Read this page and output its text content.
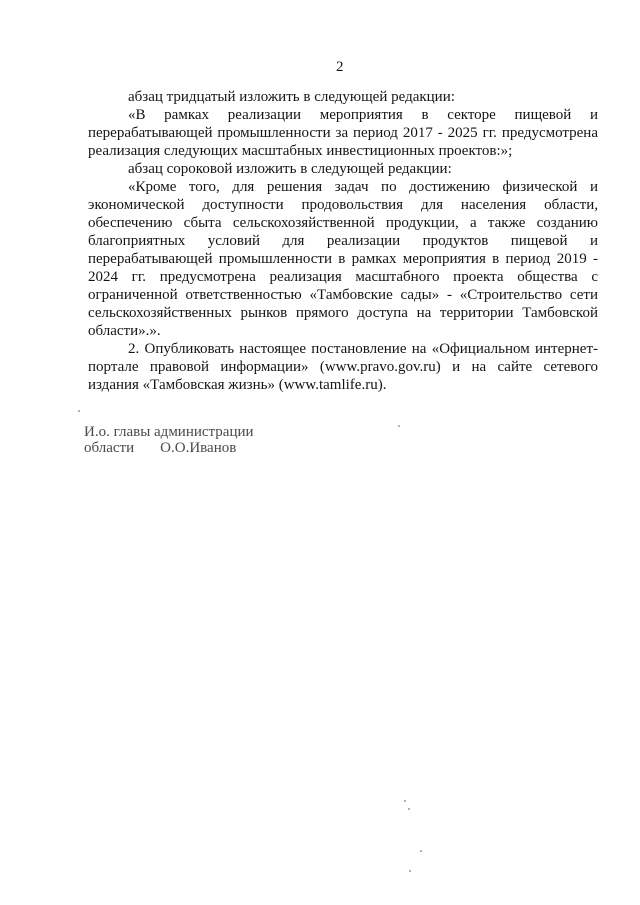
2

абзац тридцатый изложить в следующей редакции:

«В рамках реализации мероприятия в секторе пищевой и перерабатывающей промышленности за период 2017 - 2025 гг. предусмотрена реализация следующих масштабных инвестиционных проектов:»;

абзац сороковой изложить в следующей редакции:

«Кроме того, для решения задач по достижению физической и экономической доступности продовольствия для населения области, обеспечению сбыта сельскохозяйственной продукции, а также созданию благоприятных условий для реализации продуктов пищевой и перерабатывающей промышленности в рамках мероприятия в период 2019 - 2024 гг. предусмотрена реализация масштабного проекта общества с ограниченной ответственностью «Тамбовские сады» - «Строительство сети сельскохозяйственных рынков прямого доступа на территории Тамбовской области».».

2. Опубликовать настоящее постановление на «Официальном интернет-портале правовой информации» (www.pravo.gov.ru) и на сайте сетевого издания «Тамбовская жизнь» (www.tamlife.ru).

И.о. главы администрации
области О.О.Иванов
